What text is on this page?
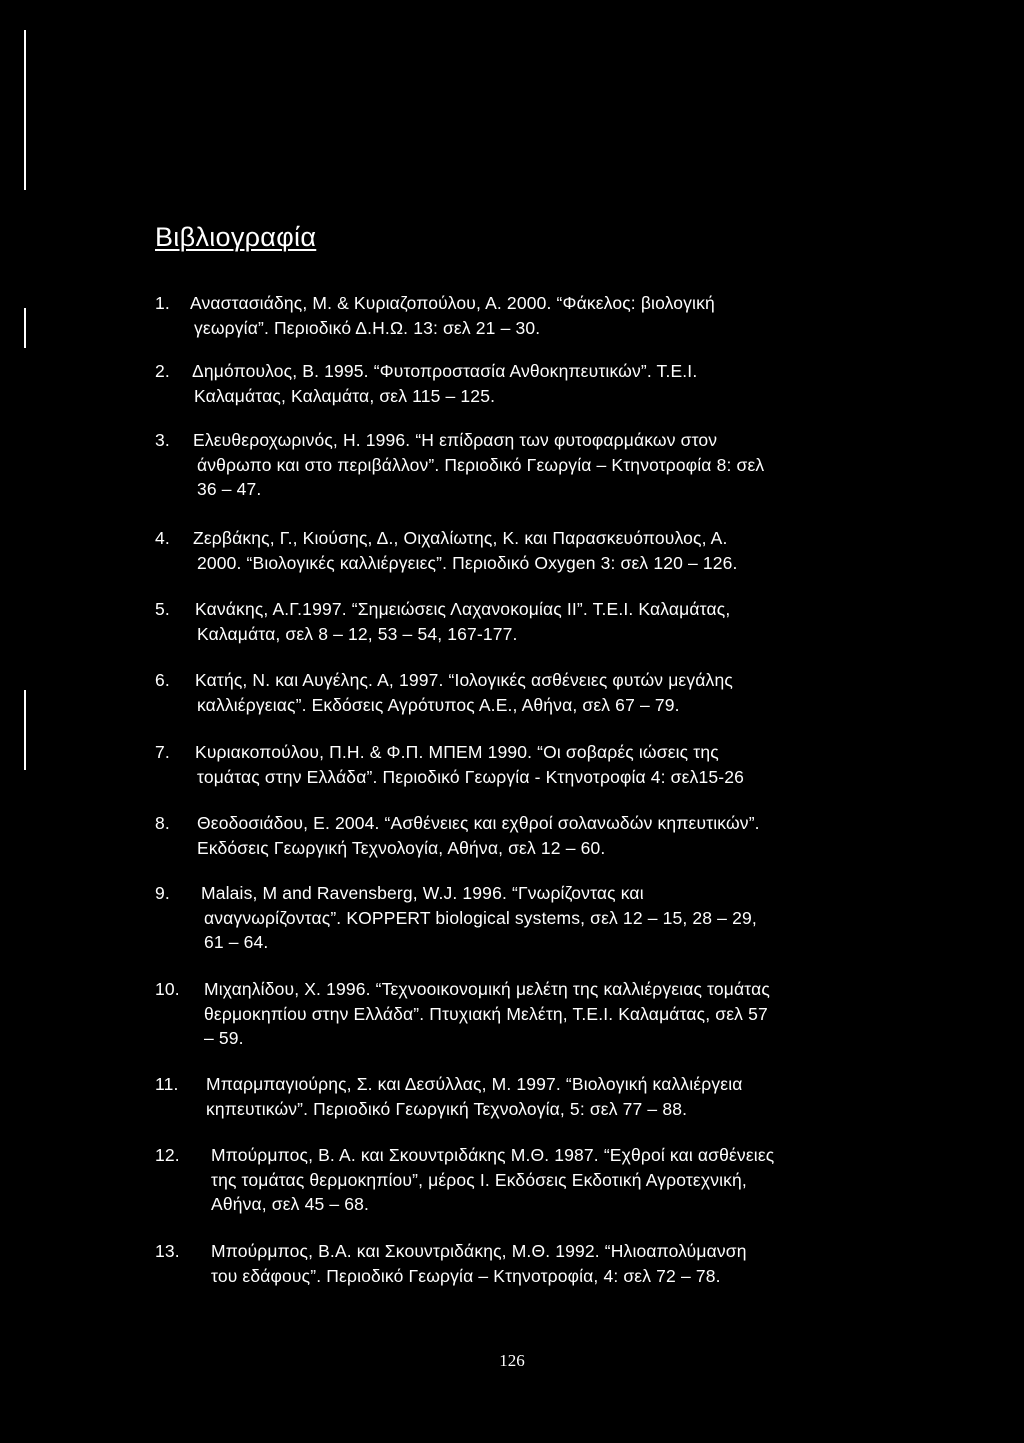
Βιβλιογραφία
1.	Αναστασιάδης, Μ. & Κυριαζοπούλου, Α. 2000. “Φάκελος: βιολογική
γεωργία”. Περιοδικό Δ.Η.Ω. 13: σελ 21 – 30.
2.	Δημόπουλος, Β. 1995. “Φυτοπροστασία Ανθοκηπευτικών”. Τ.Ε.Ι.
Καλαμάτας, Καλαμάτα, σελ 115 – 125.
3.	Ελευθεροχωρινός, Η. 1996. “Η επίδραση των φυτοφαρμάκων στον
άνθρωπο και στο περιβάλλον”. Περιοδικό Γεωργία – Κτηνοτροφία 8: σελ
36 – 47.
4.	Ζερβάκης, Γ., Κιούσης, Δ., Οιχαλίωτης, Κ. και Παρασκευόπουλος, Α.
2000. “Βιολογικές καλλιέργειες”. Περιοδικό Oxygen 3: σελ 120 – 126.
5.	Κανάκης, Α.Γ.1997. “Σημειώσεις Λαχανοκομίας ΙΙ”. Τ.Ε.Ι. Καλαμάτας,
Καλαμάτα, σελ 8 – 12, 53 – 54, 167-177.
6.	Κατής, Ν. και Αυγέλης. Α, 1997. “Ιολογικές ασθένειες φυτών μεγάλης
καλλιέργειας”. Εκδόσεις Αγρότυπος Α.Ε., Αθήνα, σελ 67 – 79.
7.	Κυριακοπούλου, Π.Η. & Φ.Π. ΜΠΕΜ 1990. “Οι σοβαρές ιώσεις της
τομάτας στην Ελλάδα”. Περιοδικό Γεωργία - Κτηνοτροφία 4: σελ15-26
8.	Θεοδοσιάδου, Ε. 2004. “Ασθένειες και εχθροί σολανωδών κηπευτικών”.
Εκδόσεις Γεωργική Τεχνολογία, Αθήνα, σελ 12 – 60.
9.	Malais, M and Ravensberg, W.J. 1996. “Γνωρίζοντας και
αναγνωρίζοντας”. KOPPERT biological systems, σελ 12 – 15, 28 – 29,
61 – 64.
10.	Μιχαηλίδου, Χ. 1996. “Τεχνοοικονομική μελέτη της καλλιέργειας τομάτας
θερμοκηπίου στην Ελλάδα”. Πτυχιακή Μελέτη, Τ.Ε.Ι. Καλαμάτας, σελ 57
– 59.
11.	Μπαρμπαγιούρης, Σ. και Δεσύλλας, Μ. 1997. “Βιολογική καλλιέργεια
κηπευτικών”. Περιοδικό Γεωργική Τεχνολογία, 5: σελ 77 – 88.
12.	Μπούρμπος, Β. Α. και Σκουντριδάκης Μ.Θ. 1987. “Εχθροί και ασθένειες
της τομάτας θερμοκηπίου”, μέρος Ι. Εκδόσεις Εκδοτική Αγροτεχνική,
Αθήνα, σελ 45 – 68.
13.	Μπούρμπος, Β.Α. και Σκουντριδάκης, Μ.Θ. 1992. “Ηλιοαπολύμανση
του εδάφους”. Περιοδικό Γεωργία – Κτηνοτροφία, 4: σελ 72 – 78.
126
